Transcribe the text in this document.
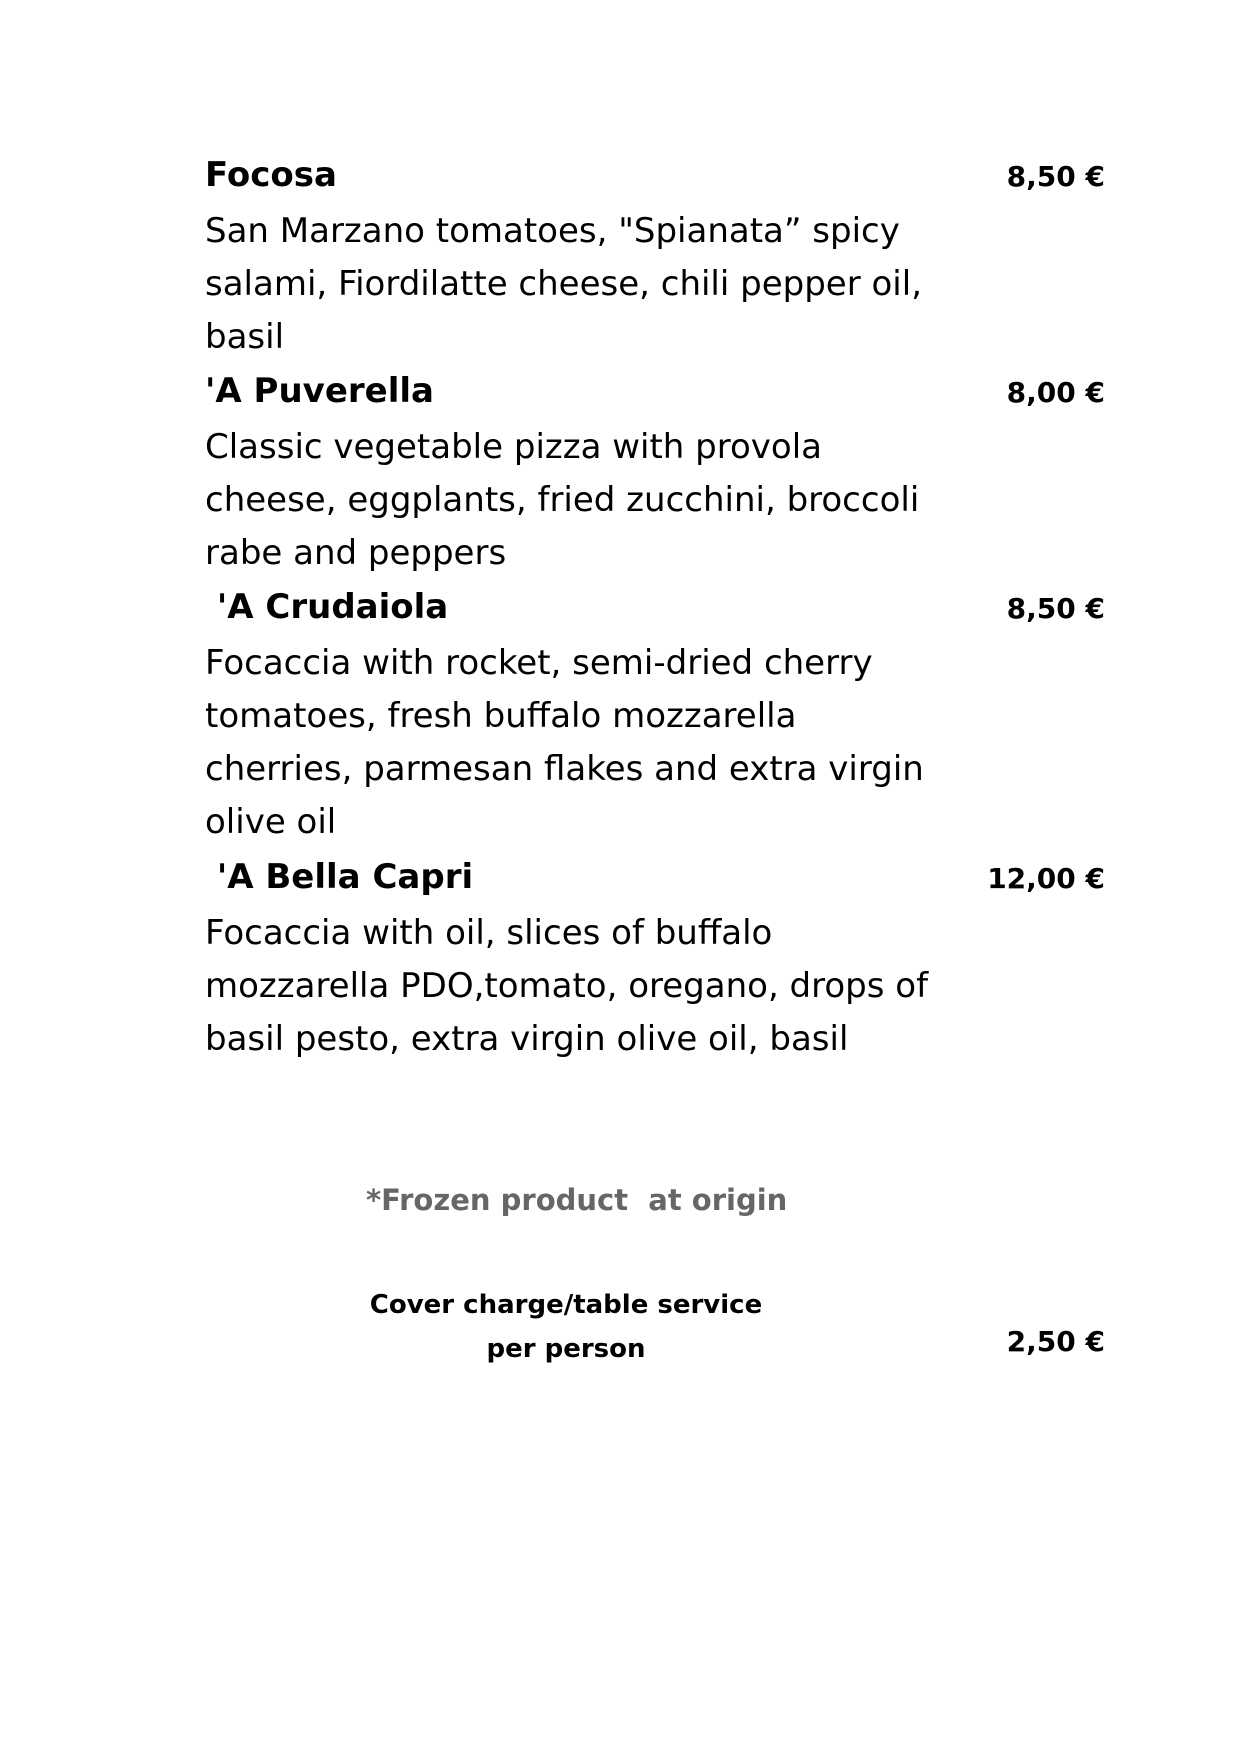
Focosa	8,50 €
San Marzano tomatoes, "Spianata” spicy
salami, Fiordilatte cheese, chili pepper oil,
basil
'A Puverella	8,00 €
Classic vegetable pizza with provola
cheese, eggplants, fried zucchini, broccoli
rabe and peppers
'A Crudaiola	8,50 €
Focaccia with rocket, semi-dried cherry
tomatoes, fresh buffalo mozzarella
cherries, parmesan flakes and extra virgin
olive oil
'A Bella Capri	12,00 €
Focaccia with oil, slices of buffalo
mozzarella PDO,tomato, oregano, drops of
basil pesto, extra virgin olive oil, basil
*Frozen product  at origin
Cover charge/table service
per person	2,50 €
